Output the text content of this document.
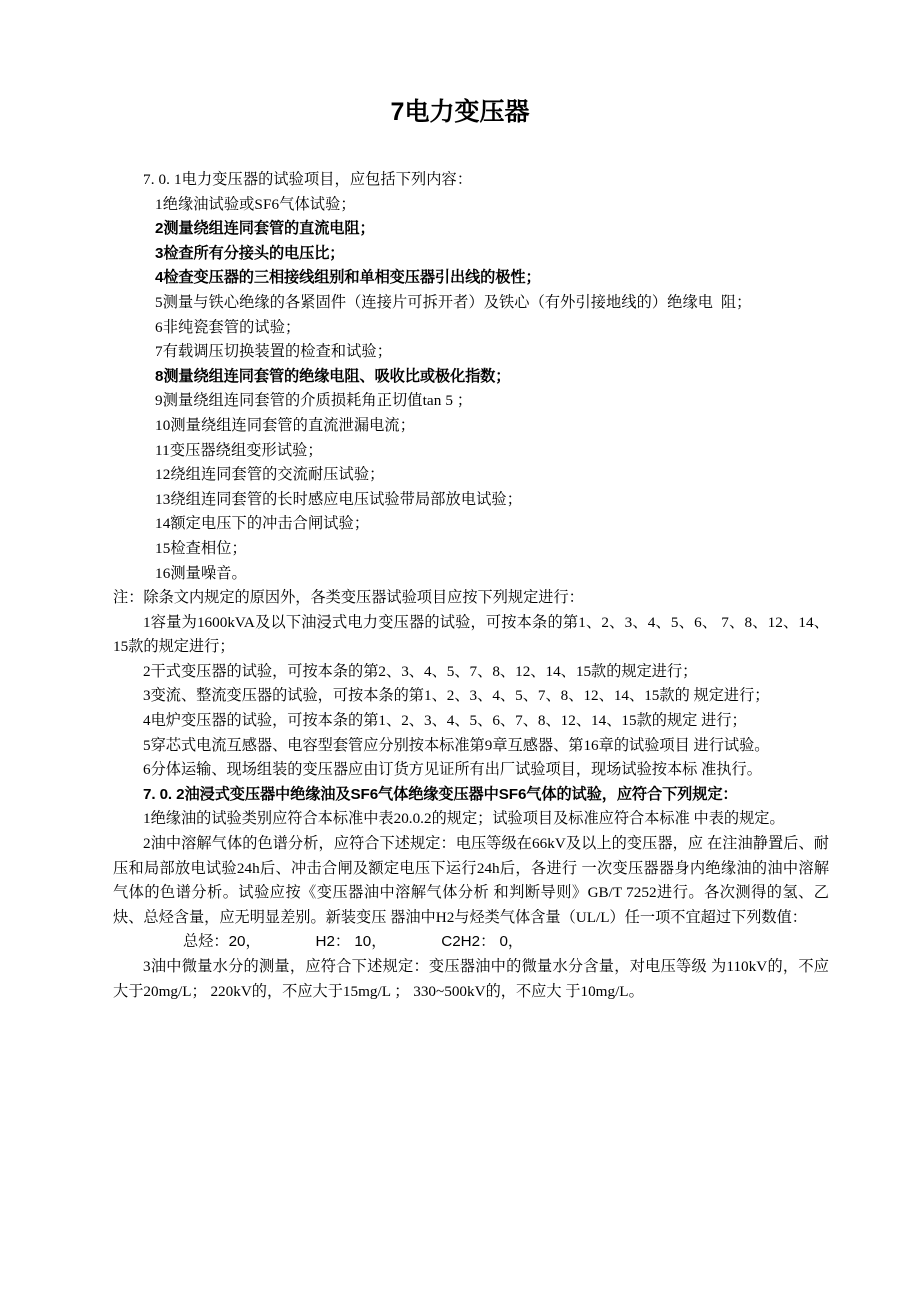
7电力变压器
7. 0. 1电力变压器的试验项目，应包括下列内容：
1绝缘油试验或SF6气体试验；
2测量绕组连同套管的直流电阻；
3检查所有分接头的电压比；
4检查变压器的三相接线组别和单相变压器引出线的极性；
5测量与铁心绝缘的各紧固件（连接片可拆开者）及铁心（有外引接地线的）绝缘电  阻；
6非纯瓷套管的试验；
7有载调压切换装置的检查和试验；
8测量绕组连同套管的绝缘电阻、吸收比或极化指数；
9测量绕组连同套管的介质损耗角正切值tan 5 ；
10测量绕组连同套管的直流泄漏电流；
11变压器绕组变形试验；
12绕组连同套管的交流耐压试验；
13绕组连同套管的长时感应电压试验带局部放电试验；
14额定电压下的冲击合闸试验；
15检查相位；
16测量噪音。
注：除条文内规定的原因外，各类变压器试验项目应按下列规定进行：
1容量为1600kVA及以下油浸式电力变压器的试验，可按本条的第1、2、3、4、5、6、 7、8、12、14、15款的规定进行；
2干式变压器的试验，可按本条的第2、3、4、5、7、8、12、14、15款的规定进行；
3变流、整流变压器的试验，可按本条的第1、2、3、4、5、7、8、12、14、15款的 规定进行；
4电炉变压器的试验，可按本条的第1、2、3、4、5、6、7、8、12、14、15款的规定 进行；
5穿芯式电流互感器、电容型套管应分别按本标准第9章互感器、第16章的试验项目 进行试验。
6分体运输、现场组装的变压器应由订货方见证所有出厂试验项目，现场试验按本标 准执行。
7. 0. 2油浸式变压器中绝缘油及SF6气体绝缘变压器中SF6气体的试验，应符合下列规定：
1绝缘油的试验类别应符合本标准中表20.0.2的规定；试验项目及标准应符合本标准 中表的规定。
2油中溶解气体的色谱分析，应符合下述规定：电压等级在66kV及以上的变压器，应 在注油静置后、耐压和局部放电试验24h后、冲击合闸及额定电压下运行24h后，各进行 一次变压器器身内绝缘油的油中溶解气体的色谱分析。试验应按《变压器油中溶解气体分析 和判断导则》GB/T 7252进行。各次测得的氢、乙炔、总烃含量，应无明显差别。新装变压 器油中H2与烃类气体含量（UL/L）任一项不宜超过下列数值：
总烃：20，             H2： 10，             C2H2： 0，
3油中微量水分的测量，应符合下述规定：变压器油中的微量水分含量，对电压等级 为110kV的，不应大于20mg/L； 220kV的，不应大于15mg/L ； 330~500kV的，不应大 于10mg/L。
